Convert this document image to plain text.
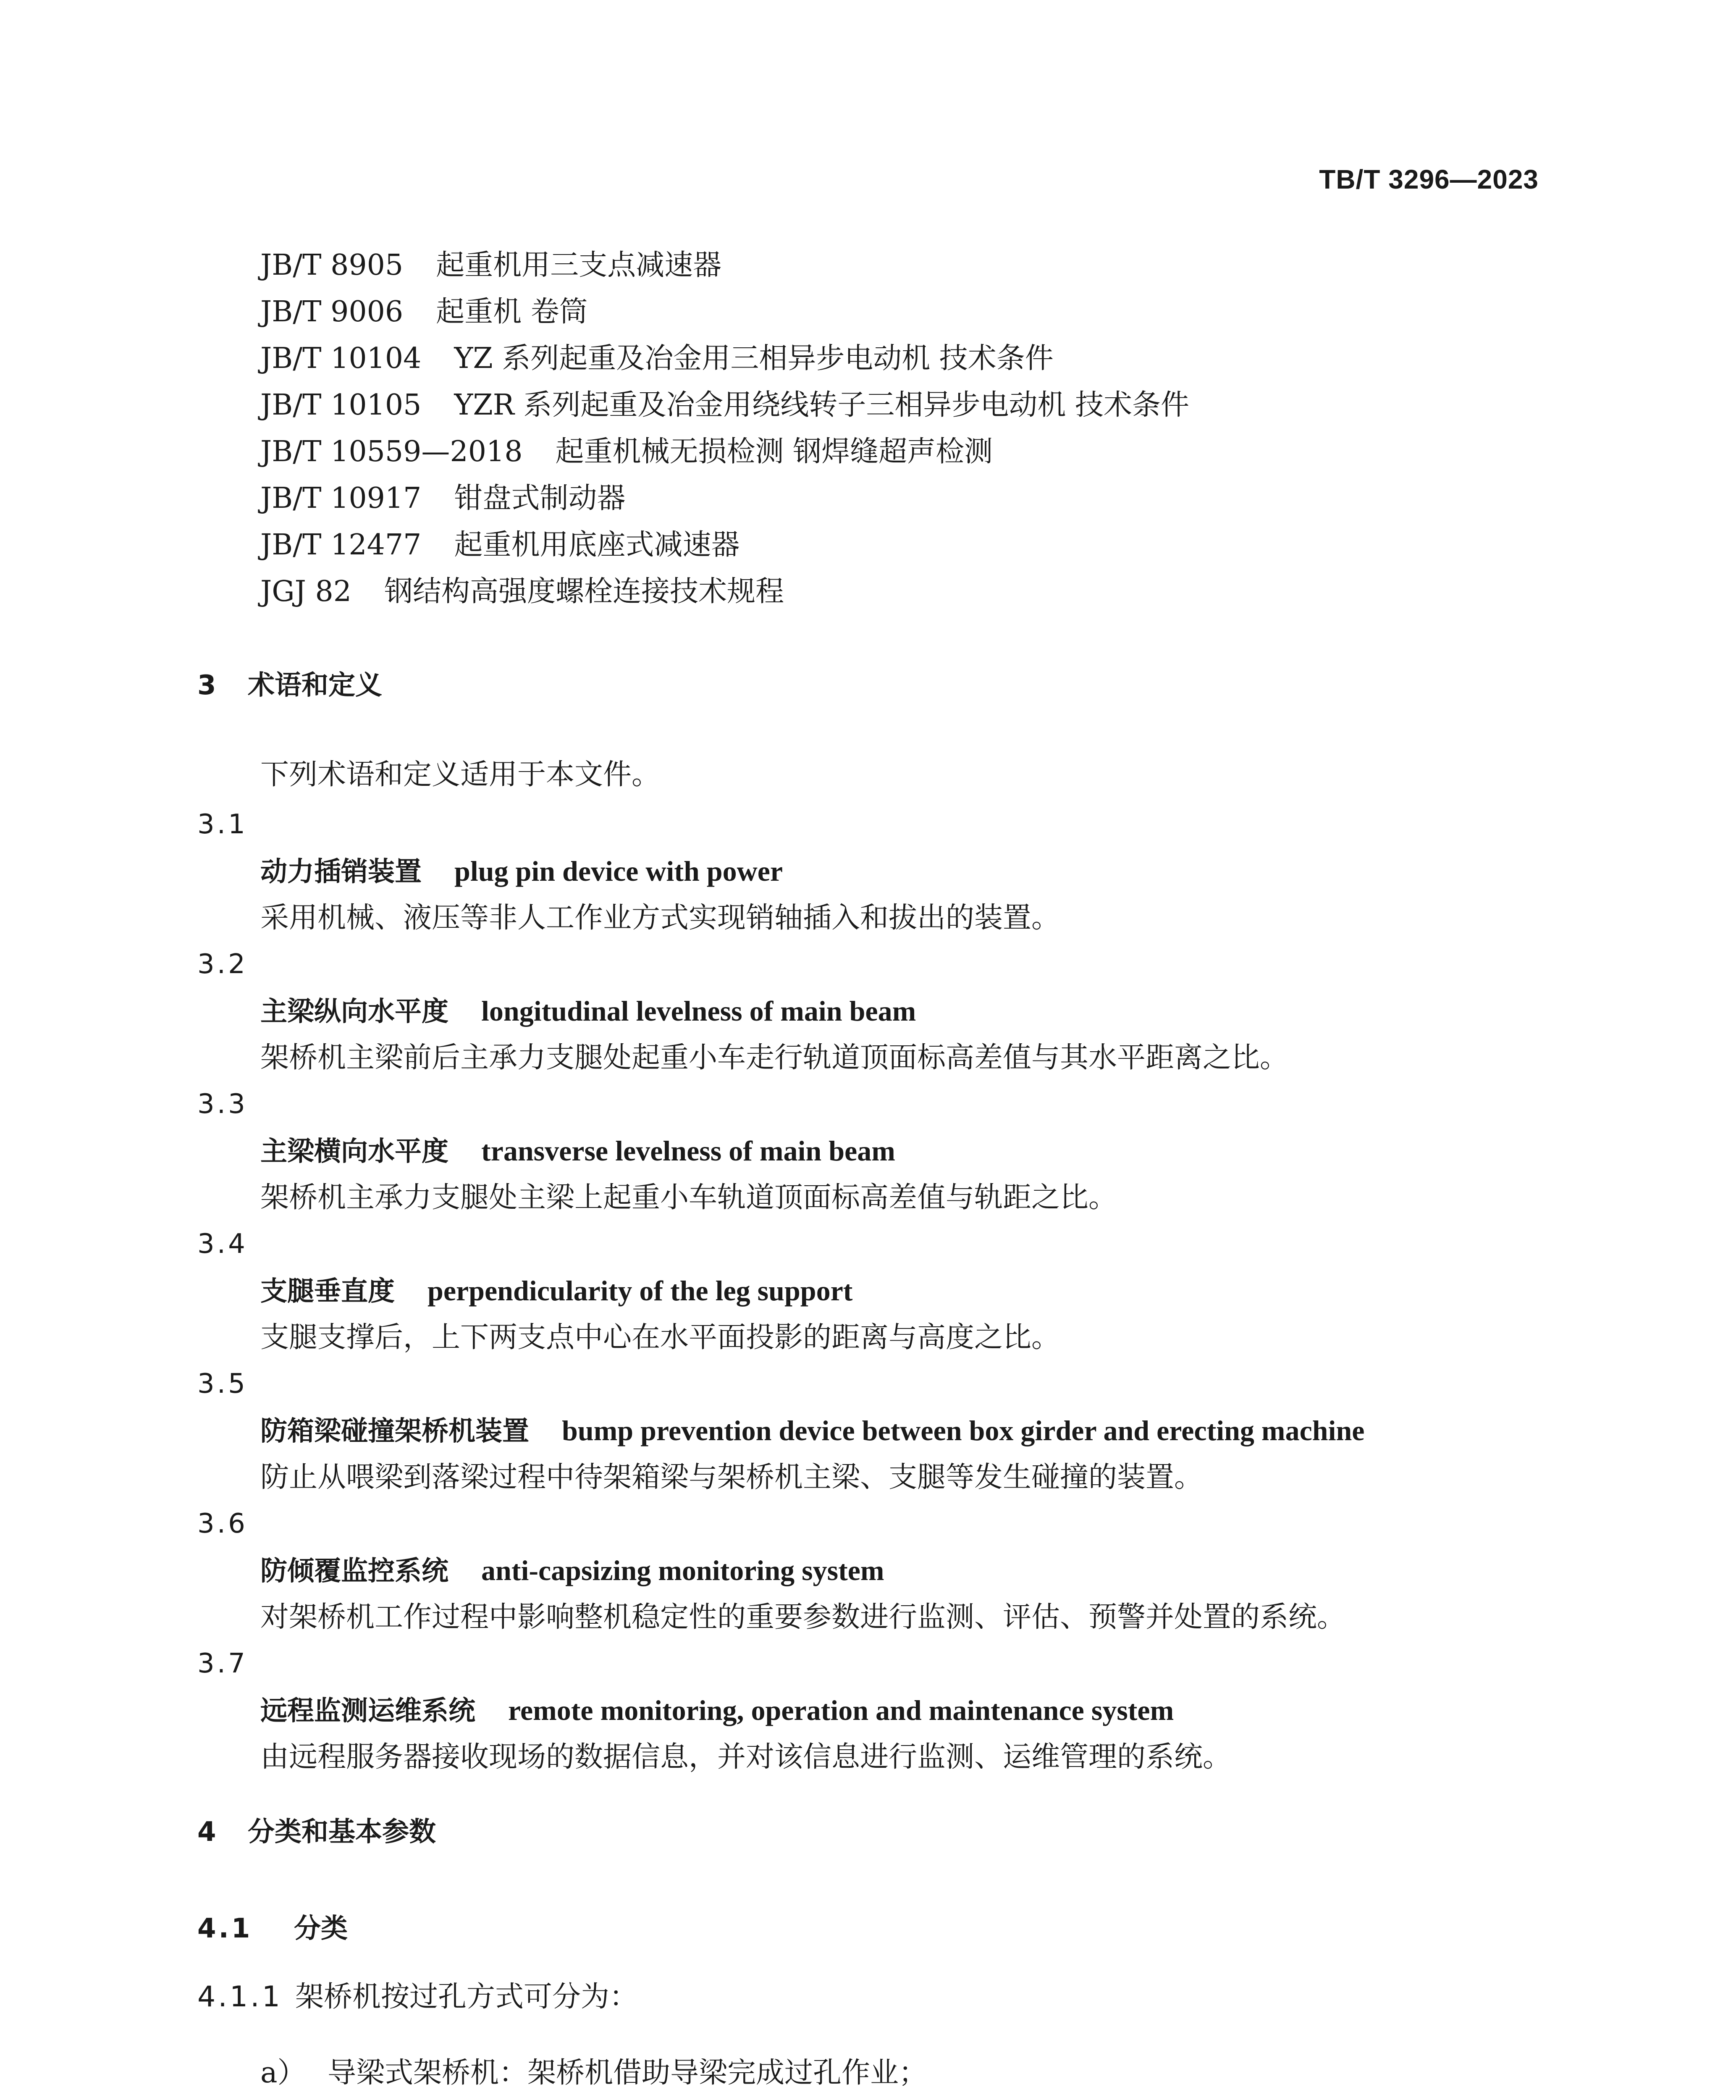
TB/T 3296—2023
JB/T 8905 起重机用三支点减速器
JB/T 9006 起重机 卷筒
JB/T 10104 YZ 系列起重及冶金用三相异步电动机 技术条件
JB/T 10105 YZR 系列起重及冶金用绕线转子三相异步电动机 技术条件
JB/T 10559—2018 起重机械无损检测 钢焊缝超声检测
JB/T 10917 钳盘式制动器
JB/T 12477 起重机用底座式减速器
JGJ 82 钢结构高强度螺栓连接技术规程
3 术语和定义
下列术语和定义适用于本文件。
3.1
动力插销装置 plug pin device with power
采用机械、液压等非人工作业方式实现销轴插入和拔出的装置。
3.2
主梁纵向水平度 longitudinal levelness of main beam
架桥机主梁前后主承力支腿处起重小车走行轨道顶面标高差值与其水平距离之比。
3.3
主梁横向水平度 transverse levelness of main beam
架桥机主承力支腿处主梁上起重小车轨道顶面标高差值与轨距之比。
3.4
支腿垂直度 perpendicularity of the leg support
支腿支撑后，上下两支点中心在水平面投影的距离与高度之比。
3.5
防箱梁碰撞架桥机装置 bump prevention device between box girder and erecting machine
防止从喂梁到落梁过程中待架箱梁与架桥机主梁、支腿等发生碰撞的装置。
3.6
防倾覆监控系统 anti-capsizing monitoring system
对架桥机工作过程中影响整机稳定性的重要参数进行监测、评估、预警并处置的系统。
3.7
远程监测运维系统 remote monitoring, operation and maintenance system
由远程服务器接收现场的数据信息，并对该信息进行监测、运维管理的系统。
4 分类和基本参数
4.1 分类
4.1.1 架桥机按过孔方式可分为：
a） 导梁式架桥机：架桥机借助导梁完成过孔作业；
